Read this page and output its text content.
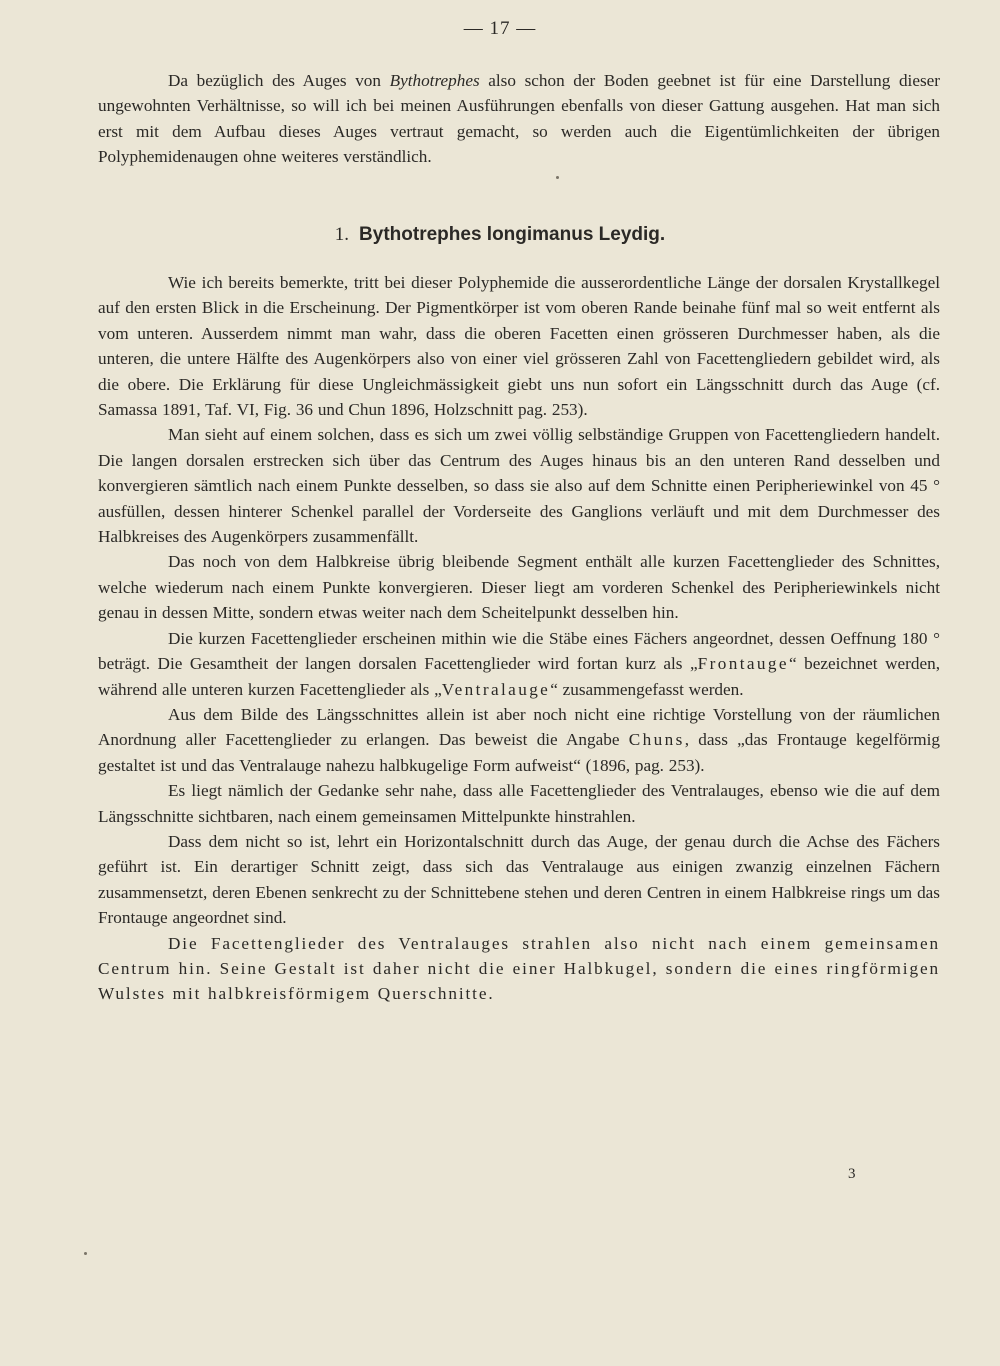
— 17 —

Da bezüglich des Auges von Bythotrephes also schon der Boden geebnet ist für eine Darstellung dieser ungewohnten Verhältnisse, so will ich bei meinen Ausführungen ebenfalls von dieser Gattung ausgehen. Hat man sich erst mit dem Aufbau dieses Auges vertraut gemacht, so werden auch die Eigentümlichkeiten der übrigen Polyphemidenaugen ohne weiteres verständlich.

1. Bythotrephes longimanus Leydig.

Wie ich bereits bemerkte, tritt bei dieser Polyphemide die ausserordentliche Länge der dorsalen Krystallkegel auf den ersten Blick in die Erscheinung. Der Pigmentkörper ist vom oberen Rande beinahe fünf mal so weit entfernt als vom unteren. Ausserdem nimmt man wahr, dass die oberen Facetten einen grösseren Durchmesser haben, als die unteren, die untere Hälfte des Augenkörpers also von einer viel grösseren Zahl von Facettengliedern gebildet wird, als die obere. Die Erklärung für diese Ungleichmässigkeit giebt uns nun sofort ein Längsschnitt durch das Auge (cf. Samassa 1891, Taf. VI, Fig. 36 und Chun 1896, Holzschnitt pag. 253).

Man sieht auf einem solchen, dass es sich um zwei völlig selbständige Gruppen von Facettengliedern handelt. Die langen dorsalen erstrecken sich über das Centrum des Auges hinaus bis an den unteren Rand desselben und konvergieren sämtlich nach einem Punkte desselben, so dass sie also auf dem Schnitte einen Peripheriewinkel von 45 ° ausfüllen, dessen hinterer Schenkel parallel der Vorderseite des Ganglions verläuft und mit dem Durchmesser des Halbkreises des Augenkörpers zusammenfällt.

Das noch von dem Halbkreise übrig bleibende Segment enthält alle kurzen Facettenglieder des Schnittes, welche wiederum nach einem Punkte konvergieren. Dieser liegt am vorderen Schenkel des Peripheriewinkels nicht genau in dessen Mitte, sondern etwas weiter nach dem Scheitelpunkt desselben hin.

Die kurzen Facettenglieder erscheinen mithin wie die Stäbe eines Fächers angeordnet, dessen Oeffnung 180 ° beträgt. Die Gesamtheit der langen dorsalen Facettenglieder wird fortan kurz als „Frontauge“ bezeichnet werden, während alle unteren kurzen Facettenglieder als „Ventralauge“ zusammengefasst werden.

Aus dem Bilde des Längsschnittes allein ist aber noch nicht eine richtige Vorstellung von der räumlichen Anordnung aller Facettenglieder zu erlangen. Das beweist die Angabe Chuns, dass „das Frontauge kegelförmig gestaltet ist und das Ventralauge nahezu halbkugelige Form aufweist“ (1896, pag. 253).

Es liegt nämlich der Gedanke sehr nahe, dass alle Facettenglieder des Ventralauges, ebenso wie die auf dem Längsschnitte sichtbaren, nach einem gemeinsamen Mittelpunkte hinstrahlen.

Dass dem nicht so ist, lehrt ein Horizontalschnitt durch das Auge, der genau durch die Achse des Fächers geführt ist. Ein derartiger Schnitt zeigt, dass sich das Ventralauge aus einigen zwanzig einzelnen Fächern zusammensetzt, deren Ebenen senkrecht zu der Schnittebene stehen und deren Centren in einem Halbkreise rings um das Frontauge angeordnet sind.

Die Facettenglieder des Ventralauges strahlen also nicht nach einem gemeinsamen Centrum hin. Seine Gestalt ist daher nicht die einer Halbkugel, sondern die eines ringförmigen Wulstes mit halbkreisförmigem Querschnitte.

3
